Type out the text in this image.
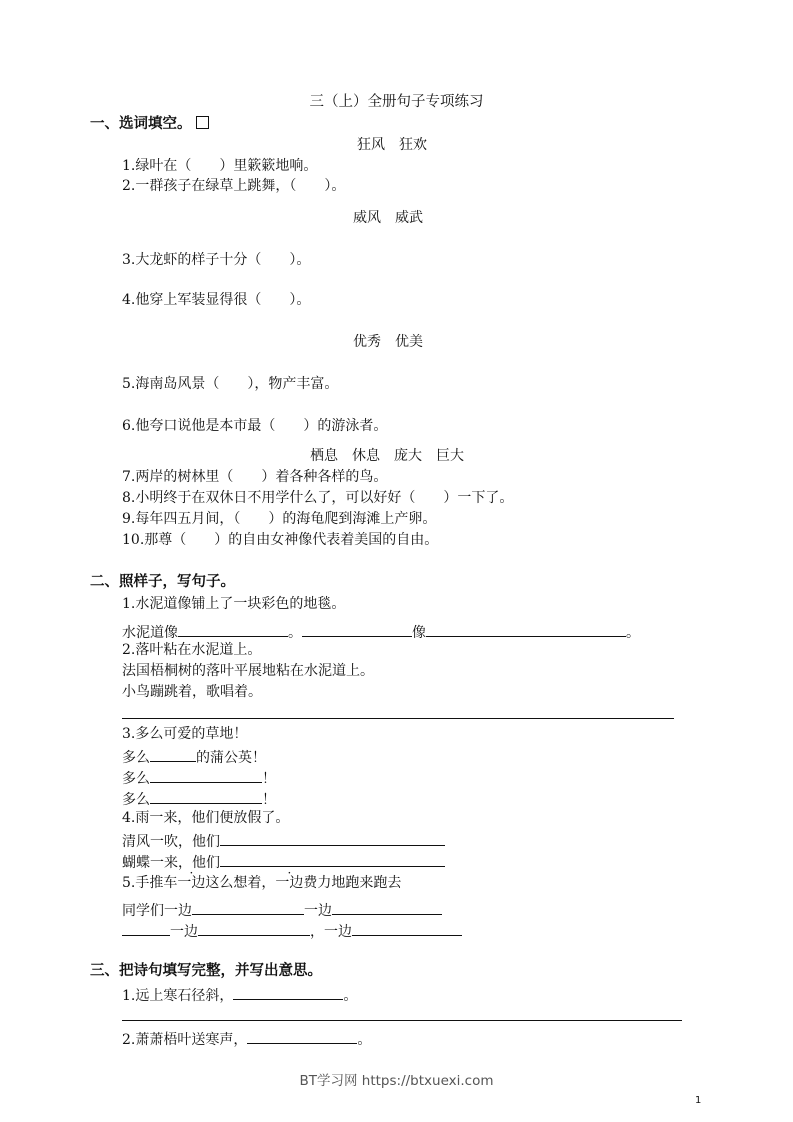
三（上）全册句子专项练习
一、选词填空。
狂风 狂欢
1.绿叶在（　　）里簌簌地响。
2.一群孩子在绿草上跳舞，（　　）。
威风 威武
3.大龙虾的样子十分（　　）。
4.他穿上军装显得很（　　）。
优秀 优美
5.海南岛风景（　　），物产丰富。
6.他夸口说他是本市最（　　）的游泳者。
栖息 休息 庞大 巨大
7.两岸的树林里（　　）着各种各样的鸟。
8.小明终于在双休日不用学什么了，可以好好（　　）一下了。
9.每年四五月间，（　　）的海龟爬到海滩上产卵。
10.那尊（　　）的自由女神像代表着美国的自由。
二、照样子，写句子。
1.水泥道像铺上了一块彩色的地毯。
水泥道像	。	像	。
2.落叶粘在水泥道上。
法国梧桐树的落叶平展地粘在水泥道上。
小鸟蹦跳着，歌唱着。
3.多么可爱的草地！
多么	的蒲公英！
多么	！
多么	！
4.雨一来，他们便放假了。
清风一吹，他们
蝴蝶一来，他们
5.手推车一边这么想着，一边费力地跑来跑去
同学们一边	一边
一边	，一边
三、把诗句填写完整，并写出意思。
1.远上寒石径斜，	。
2.萧萧梧叶送寒声，	。
BT学习网 https://btxuexi.com
1
